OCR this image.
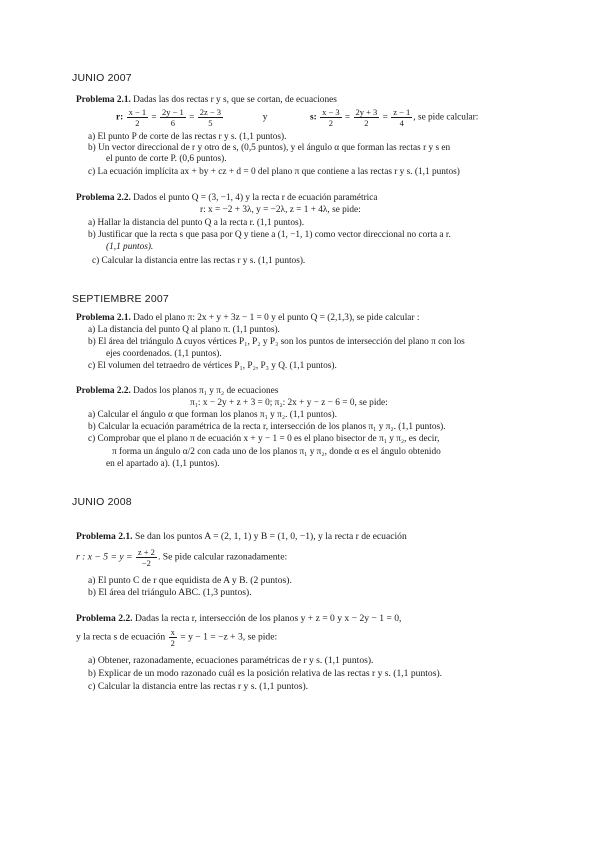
JUNIO 2007
Problema 2.1. Dadas las dos rectas r y s, que se cortan, de ecuaciones
r: $\frac{x - 1}{2} = \frac{2y - 1}{6} = \frac{2z - 3}{5}$	y	s: $\frac{x - 3}{2} = \frac{2y + 3}{2} = \frac{z - 1}{4}$ , se pide calcular:
a) El punto P de corte de las rectas r y s. (1,1 puntos).
b) Un vector direccional de r y otro de s, (0,5 puntos), y el ángulo α que forman las rectas r y s en
el punto de corte P. (0,6 puntos).
c) La ecuación implícita ax + by + cz + d = 0 del plano π que contiene a las rectas r y s. (1,1 puntos)
Problema 2.2. Dados el punto Q = (3, −1, 4) y la recta r de ecuación paramétrica
r: x = −2 + 3λ, y = −2λ, z = 1 + 4λ, se pide:
a) Hallar la distancia del punto Q a la recta r. (1,1 puntos).
b) Justificar que la recta s que pasa por Q y tiene a (1, −1, 1) como vector direccional no corta a r.
(1,1 puntos).
c) Calcular la distancia entre las rectas r y s. (1,1 puntos).
SEPTIEMBRE 2007
Problema 2.1. Dado el plano π: 2x + y + 3z − 1 = 0 y el punto Q = (2,1,3), se pide calcular :
a) La distancia del punto Q al plano π. (1,1 puntos).
b) El área del triángulo Δ cuyos vértices P₁, P₂ y P₃ son los puntos de intersección del plano π con los
ejes coordenados. (1,1 puntos).
c) El volumen del tetraedro de vértices P₁, P₂, P₃ y Q. (1,1 puntos).
Problema 2.2. Dados los planos π₁ y π₂ de ecuaciones
π₁: x − 2y + z + 3 = 0; π₂: 2x + y − z − 6 = 0, se pide:
a) Calcular el ángulo α que forman los planos π₁ y π₂. (1,1 puntos).
b) Calcular la ecuación paramétrica de la recta r, intersección de los planos π₁ y π₂. (1,1 puntos).
c) Comprobar que el plano π de ecuación x + y − 1 = 0 es el plano bisector de π₁ y π₂, es decir,
π forma un ángulo α/2 con cada uno de los planos π₁ y π₂, donde α es el ángulo obtenido
en el apartado a). (1,1 puntos).
JUNIO 2008
Problema 2.1. Se dan los puntos A = (2, 1, 1) y B = (1, 0, −1), y la recta r de ecuación
r : $x - 5 = y = \frac{z + 2}{-2}$ . Se pide calcular razonadamente:
a) El punto C de r que equidista de A y B. (2 puntos).
b) El área del triángulo ABC. (1,3 puntos).
Problema 2.2. Dadas la recta r, intersección de los planos y + z = 0 y x − 2y − 1 = 0,
y la recta s de ecuación $\frac{x}{2} = y - 1 = -z + 3$, se pide:
a) Obtener, razonadamente, ecuaciones paramétricas de r y s. (1,1 puntos).
b) Explicar de un modo razonado cuál es la posición relativa de las rectas r y s. (1,1 puntos).
c) Calcular la distancia entre las rectas r y s. (1,1 puntos).
